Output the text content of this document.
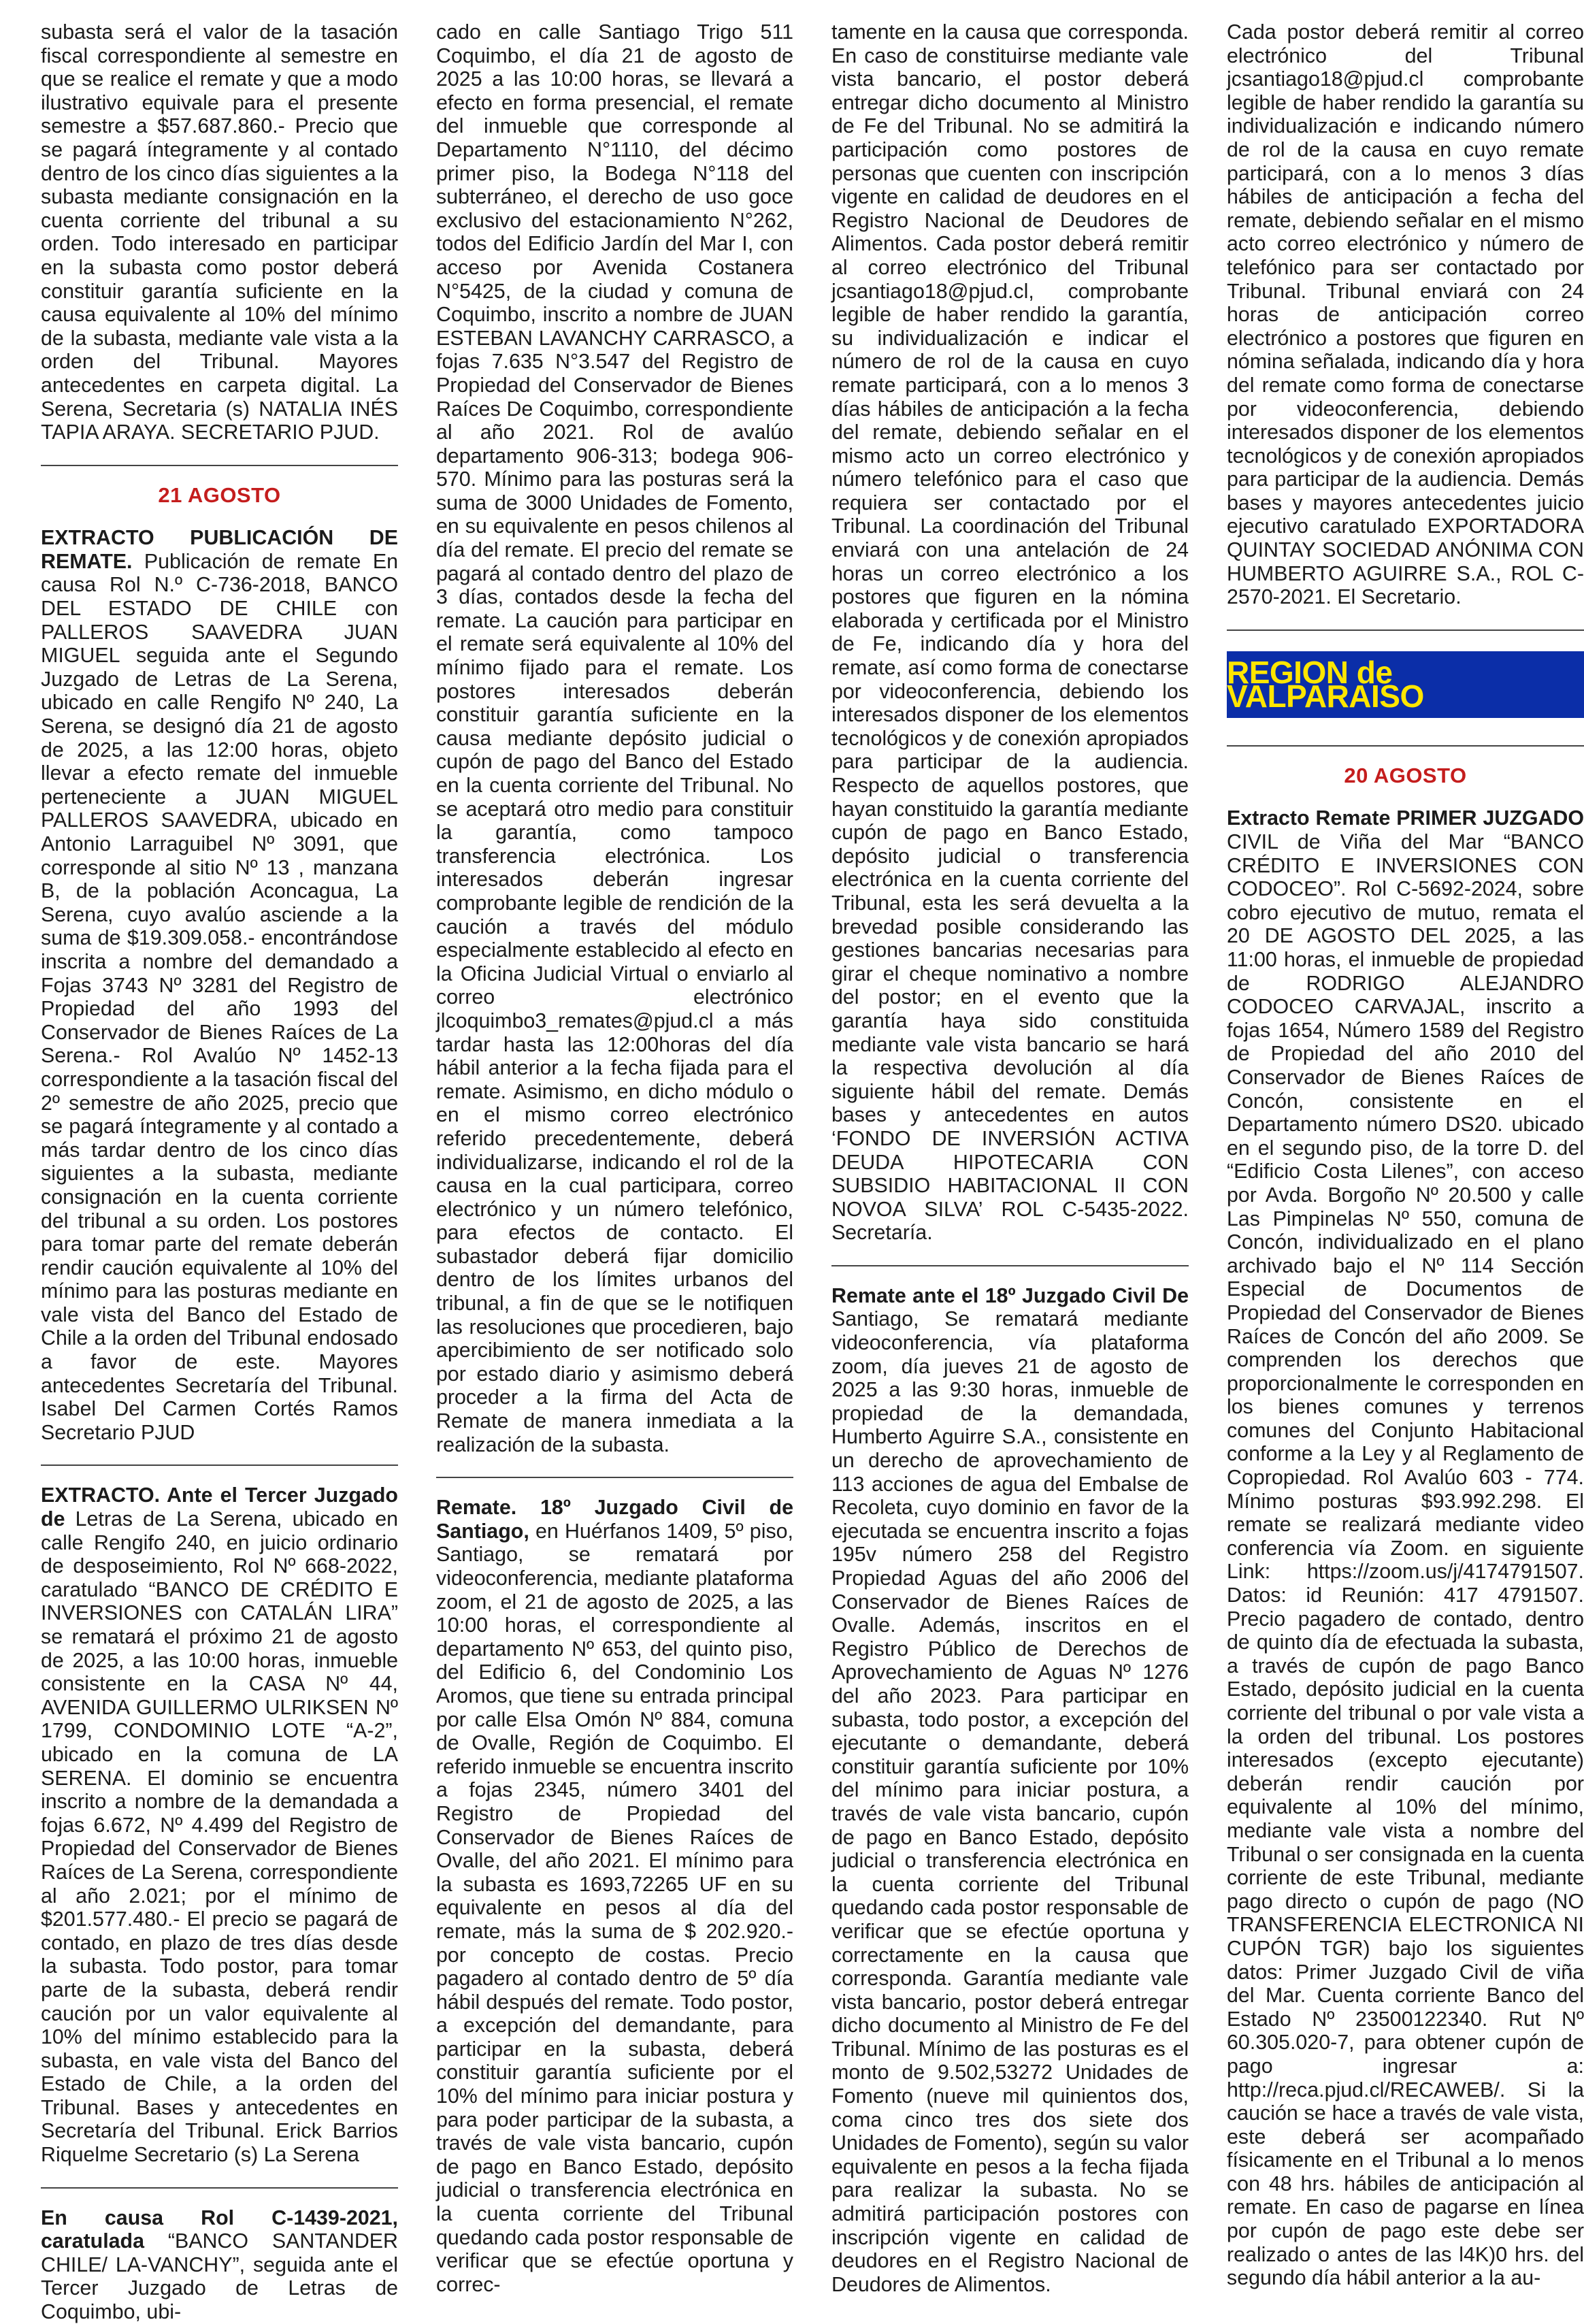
subasta será el valor de la tasación fiscal correspondiente al semestre en que se realice el remate y que a modo ilustrativo equivale para el presente semestre a $57.687.860.- Precio que se pagará íntegramente y al contado dentro de los cinco días siguientes a la subasta mediante consignación en la cuenta corriente del tribunal a su orden. Todo interesado en participar en la subasta como postor deberá constituir garantía suficiente en la causa equivalente al 10% del mínimo de la subasta, mediante vale vista a la orden del Tribunal. Mayores antecedentes en carpeta digital. La Serena, Secretaria (s) NATALIA INÉS TAPIA ARAYA. SECRETARIO PJUD.

21 AGOSTO

EXTRACTO PUBLICACIÓN DE REMATE. Publicación de remate En causa Rol N.º C-736-2018, BANCO DEL ESTADO DE CHILE con PALLEROS SAAVEDRA JUAN MIGUEL seguida ante el Segundo Juzgado de Letras de La Serena, ubicado en calle Rengifo Nº 240, La Serena, se designó día 21 de agosto de 2025, a las 12:00 horas, objeto llevar a efecto remate del inmueble perteneciente a JUAN MIGUEL PALLEROS SAAVEDRA, ubicado en Antonio Larraguibel Nº 3091, que corresponde al sitio Nº 13 , manzana B, de la población Aconcagua, La Serena, cuyo avalúo asciende a la suma de $19.309.058.- encontrándose inscrita a nombre del demandado a Fojas 3743 Nº 3281 del Registro de Propiedad del año 1993 del Conservador de Bienes Raíces de La Serena.- Rol Avalúo Nº 1452-13 correspondiente a la tasación fiscal del 2º semestre de año 2025, precio que se pagará íntegramente y al contado a más tardar dentro de los cinco días siguientes a la subasta, mediante consignación en la cuenta corriente del tribunal a su orden. Los postores para tomar parte del remate deberán rendir caución equivalente al 10% del mínimo para las posturas mediante en vale vista del Banco del Estado de Chile a la orden del Tribunal endosado a favor de este. Mayores antecedentes Secretaría del Tribunal. Isabel Del Carmen Cortés Ramos Secretario PJUD

EXTRACTO. Ante el Tercer Juzgado de Letras de La Serena, ubicado en calle Rengifo 240, en juicio ordinario de desposeimiento, Rol Nº 668-2022, caratulado “BANCO DE CRÉDITO E INVERSIONES con CATALÁN LIRA” se rematará el próximo 21 de agosto de 2025, a las 10:00 horas, inmueble consistente en la CASA Nº 44, AVENIDA GUILLERMO ULRIKSEN Nº 1799, CONDOMINIO LOTE “A-2”, ubicado en la comuna de LA SERENA. El dominio se encuentra inscrito a nombre de la demandada a fojas 6.672, Nº 4.499 del Registro de Propiedad del Conservador de Bienes Raíces de La Serena, correspondiente al año 2.021; por el mínimo de $201.577.480.- El precio se pagará de contado, en plazo de tres días desde la subasta. Todo postor, para tomar parte de la subasta, deberá rendir caución por un valor equivalente al 10% del mínimo establecido para la subasta, en vale vista del Banco del Estado de Chile, a la orden del Tribunal. Bases y antecedentes en Secretaría del Tribunal. Erick Barrios Riquelme Secretario (s) La Serena

En causa Rol C-1439-2021, caratulada “BANCO SANTANDER CHILE/ LA-VANCHY”, seguida ante el Tercer Juzgado de Letras de Coquimbo, ubi-

cado en calle Santiago Trigo 511 Coquimbo, el día 21 de agosto de 2025 a las 10:00 horas, se llevará a efecto en forma presencial, el remate del inmueble que corresponde al Departamento N°1110, del décimo primer piso, la Bodega N°118 del subterráneo, el derecho de uso goce exclusivo del estacionamiento N°262, todos del Edificio Jardín del Mar I, con acceso por Avenida Costanera N°5425, de la ciudad y comuna de Coquimbo, inscrito a nombre de JUAN ESTEBAN LAVANCHY CARRASCO, a fojas 7.635 N°3.547 del Registro de Propiedad del Conservador de Bienes Raíces De Coquimbo, correspondiente al año 2021. Rol de avalúo departamento 906-313; bodega 906-570. Mínimo para las posturas será la suma de 3000 Unidades de Fomento, en su equivalente en pesos chilenos al día del remate. El precio del remate se pagará al contado dentro del plazo de 3 días, contados desde la fecha del remate. La caución para participar en el remate será equivalente al 10% del mínimo fijado para el remate. Los postores interesados deberán constituir garantía suficiente en la causa mediante depósito judicial o cupón de pago del Banco del Estado en la cuenta corriente del Tribunal. No se aceptará otro medio para constituir la garantía, como tampoco transferencia electrónica. Los interesados deberán ingresar comprobante legible de rendición de la caución a través del módulo especialmente establecido al efecto en la Oficina Judicial Virtual o enviarlo al correo electrónico jlcoquimbo3_remates@pjud.cl a más tardar hasta las 12:00horas del día hábil anterior a la fecha fijada para el remate. Asimismo, en dicho módulo o en el mismo correo electrónico referido precedentemente, deberá individualizarse, indicando el rol de la causa en la cual participara, correo electrónico y un número telefónico, para efectos de contacto. El subastador deberá fijar domicilio dentro de los límites urbanos del tribunal, a fin de que se le notifiquen las resoluciones que procedieren, bajo apercibimiento de ser notificado solo por estado diario y asimismo deberá proceder a la firma del Acta de Remate de manera inmediata a la realización de la subasta.

Remate. 18º Juzgado Civil de Santiago, en Huérfanos 1409, 5º piso, Santiago, se rematará por videoconferencia, mediante plataforma zoom, el 21 de agosto de 2025, a las 10:00 horas, el correspondiente al departamento Nº 653, del quinto piso, del Edificio 6, del Condominio Los Aromos, que tiene su entrada principal por calle Elsa Omón Nº 884, comuna de Ovalle, Región de Coquimbo. El referido inmueble se encuentra inscrito a fojas 2345, número 3401 del Registro de Propiedad del Conservador de Bienes Raíces de Ovalle, del año 2021. El mínimo para la subasta es 1693,72265 UF en su equivalente en pesos al día del remate, más la suma de $ 202.920.- por concepto de costas. Precio pagadero al contado dentro de 5º día hábil después del remate. Todo postor, a excepción del demandante, para participar en la subasta, deberá constituir garantía suficiente por el 10% del mínimo para iniciar postura y para poder participar de la subasta, a través de vale vista bancario, cupón de pago en Banco Estado, depósito judicial o transferencia electrónica en la cuenta corriente del Tribunal quedando cada postor responsable de verificar que se efectúe oportuna y correc-

tamente en la causa que corresponda. En caso de constituirse mediante vale vista bancario, el postor deberá entregar dicho documento al Ministro de Fe del Tribunal. No se admitirá la participación como postores de personas que cuenten con inscripción vigente en calidad de deudores en el Registro Nacional de Deudores de Alimentos. Cada postor deberá remitir al correo electrónico del Tribunal jcsantiago18@pjud.cl, comprobante legible de haber rendido la garantía, su individualización e indicar el número de rol de la causa en cuyo remate participará, con a lo menos 3 días hábiles de anticipación a la fecha del remate, debiendo señalar en el mismo acto un correo electrónico y número telefónico para el caso que requiera ser contactado por el Tribunal. La coordinación del Tribunal enviará con una antelación de 24 horas un correo electrónico a los postores que figuren en la nómina elaborada y certificada por el Ministro de Fe, indicando día y hora del remate, así como forma de conectarse por videoconferencia, debiendo los interesados disponer de los elementos tecnológicos y de conexión apropiados para participar de la audiencia. Respecto de aquellos postores, que hayan constituido la garantía mediante cupón de pago en Banco Estado, depósito judicial o transferencia electrónica en la cuenta corriente del Tribunal, esta les será devuelta a la brevedad posible considerando las gestiones bancarias necesarias para girar el cheque nominativo a nombre del postor; en el evento que la garantía haya sido constituida mediante vale vista bancario se hará la respectiva devolución al día siguiente hábil del remate. Demás bases y antecedentes en autos ‘FONDO DE INVERSIÓN ACTIVA DEUDA HIPOTECARIA CON SUBSIDIO HABITACIONAL II CON NOVOA SILVA’ ROL C-5435-2022. Secretaría.

Remate ante el 18º Juzgado Civil De Santiago, Se rematará mediante videoconferencia, vía plataforma zoom, día jueves 21 de agosto de 2025 a las 9:30 horas, inmueble de propiedad de la demandada, Humberto Aguirre S.A., consistente en un derecho de aprovechamiento de 113 acciones de agua del Embalse de Recoleta, cuyo dominio en favor de la ejecutada se encuentra inscrito a fojas 195v número 258 del Registro Propiedad Aguas del año 2006 del Conservador de Bienes Raíces de Ovalle. Además, inscritos en el Registro Público de Derechos de Aprovechamiento de Aguas Nº 1276 del año 2023. Para participar en subasta, todo postor, a excepción del ejecutante o demandante, deberá constituir garantía suficiente por 10% del mínimo para iniciar postura, a través de vale vista bancario, cupón de pago en Banco Estado, depósito judicial o transferencia electrónica en la cuenta corriente del Tribunal quedando cada postor responsable de verificar que se efectúe oportuna y correctamente en la causa que corresponda. Garantía mediante vale vista bancario, postor deberá entregar dicho documento al Ministro de Fe del Tribunal. Mínimo de las posturas es el monto de 9.502,53272 Unidades de Fomento (nueve mil quinientos dos, coma cinco tres dos siete dos Unidades de Fomento), según su valor equivalente en pesos a la fecha fijada para realizar la subasta. No se admitirá participación postores con inscripción vigente en calidad de deudores en el Registro Nacional de Deudores de Alimentos.

Cada postor deberá remitir al correo electrónico del Tribunal jcsantiago18@pjud.cl comprobante legible de haber rendido la garantía su individualización e indicando número de rol de la causa en cuyo remate participará, con a lo menos 3 días hábiles de anticipación a fecha del remate, debiendo señalar en el mismo acto correo electrónico y número de telefónico para ser contactado por Tribunal. Tribunal enviará con 24 horas de anticipación correo electrónico a postores que figuren en nómina señalada, indicando día y hora del remate como forma de conectarse por videoconferencia, debiendo interesados disponer de los elementos tecnológicos y de conexión apropiados para participar de la audiencia. Demás bases y mayores antecedentes juicio ejecutivo caratulado EXPORTADORA QUINTAY SOCIEDAD ANÓNIMA CON HUMBERTO AGUIRRE S.A., ROL C-2570-2021. El Secretario.

REGION de VALPARAISO
20 AGOSTO

Extracto Remate PRIMER JUZGADO CIVIL de Viña del Mar “BANCO CRÉDITO E INVERSIONES CON CODOCEO”. Rol C-5692-2024, sobre cobro ejecutivo de mutuo, remata el 20 DE AGOSTO DEL 2025, a las 11:00 horas, el inmueble de propiedad de RODRIGO ALEJANDRO CODOCEO CARVAJAL, inscrito a fojas 1654, Número 1589 del Registro de Propiedad del año 2010 del Conservador de Bienes Raíces de Concón, consistente en el Departamento número DS20. ubicado en el segundo piso, de la torre D. del “Edificio Costa Lilenes”, con acceso por Avda. Borgoño Nº 20.500 y calle Las Pimpinelas Nº 550, comuna de Concón, individualizado en el plano archivado bajo el Nº 114 Sección Especial de Documentos de Propiedad del Conservador de Bienes Raíces de Concón del año 2009. Se comprenden los derechos que proporcionalmente le corresponden en los bienes comunes y terrenos comunes del Conjunto Habitacional conforme a la Ley y al Reglamento de Copropiedad. Rol Avalúo 603 - 774. Mínimo posturas $93.992.298. El remate se realizará mediante video conferencia vía Zoom. en siguiente Link: https://zoom.us/j/4174791507. Datos: id Reunión: 417 4791507. Precio pagadero de contado, dentro de quinto día de efectuada la subasta, a través de cupón de pago Banco Estado, depósito judicial en la cuenta corriente del tribunal o por vale vista a la orden del tribunal. Los postores interesados (excepto ejecutante) deberán rendir caución por equivalente al 10% del mínimo, mediante vale vista a nombre del Tribunal o ser consignada en la cuenta corriente de este Tribunal, mediante pago directo o cupón de pago (NO TRANSFERENCIA ELECTRONICA NI CUPÓN TGR) bajo los siguientes datos: Primer Juzgado Civil de viña del Mar. Cuenta corriente Banco del Estado Nº 23500122340. Rut Nº 60.305.020-7, para obtener cupón de pago ingresar a: http://reca.pjud.cl/RECAWEB/. Si la caución se hace a través de vale vista, este deberá ser acompañado físicamente en el Tribunal a lo menos con 48 hrs. hábiles de anticipación al remate. En caso de pagarse en línea por cupón de pago este debe ser realizado o antes de las l4K)0 hrs. del segundo día hábil anterior a la au-
